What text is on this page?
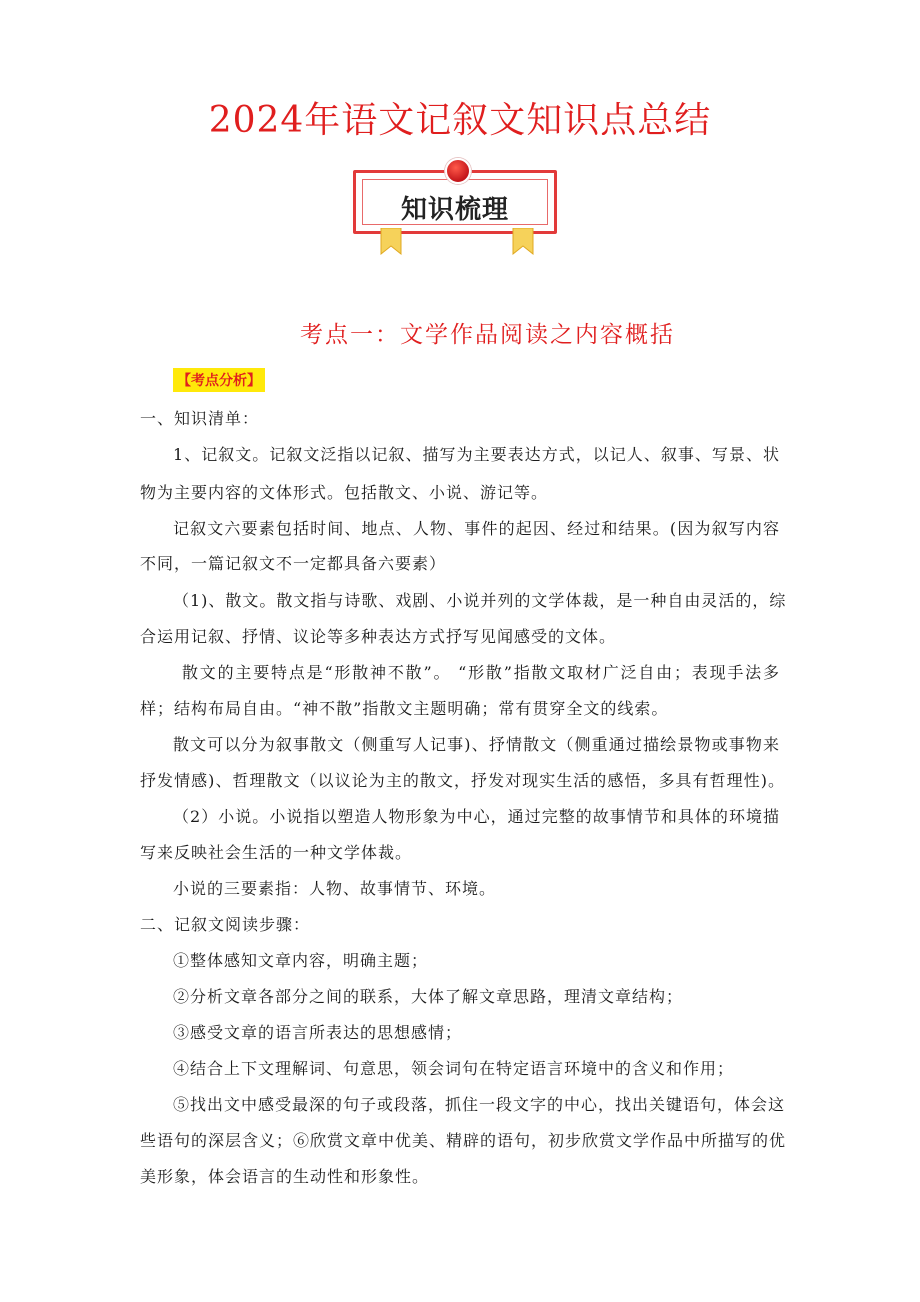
2024年语文记叙文知识点总结
知识梳理
考点一：文学作品阅读之内容概括
【考点分析】

一、知识清单：

1、记叙文。记叙文泛指以记叙、描写为主要表达方式，以记人、叙事、写景、状

物为主要内容的文体形式。包括散文、小说、游记等。

记叙文六要素包括时间、地点、人物、事件的起因、经过和结果。(因为叙写内容

不同，一篇记叙文不一定都具备六要素）

（1)、散文。散文指与诗歌、戏剧、小说并列的文学体裁，是一种自由灵活的，综

合运用记叙、抒情、议论等多种表达方式抒写见闻感受的文体。

散文的主要特点是“形散神不散”。 “形散”指散文取材广泛自由；表现手法多

样；结构布局自由。“神不散”指散文主题明确；常有贯穿全文的线索。

散文可以分为叙事散文（侧重写人记事)、抒情散文（侧重通过描绘景物或事物来

抒发情感)、哲理散文（以议论为主的散文，抒发对现实生活的感悟，多具有哲理性)。

（2）小说。小说指以塑造人物形象为中心，通过完整的故事情节和具体的环境描

写来反映社会生活的一种文学体裁。

小说的三要素指：人物、故事情节、环境。

二、记叙文阅读步骤：

①整体感知文章内容，明确主题；

②分析文章各部分之间的联系，大体了解文章思路，理清文章结构；

③感受文章的语言所表达的思想感情；

④结合上下文理解词、句意思，领会词句在特定语言环境中的含义和作用；

⑤找出文中感受最深的句子或段落，抓住一段文字的中心，找出关键语句，体会这

些语句的深层含义；⑥欣赏文章中优美、精辟的语句，初步欣赏文学作品中所描写的优

美形象，体会语言的生动性和形象性。
